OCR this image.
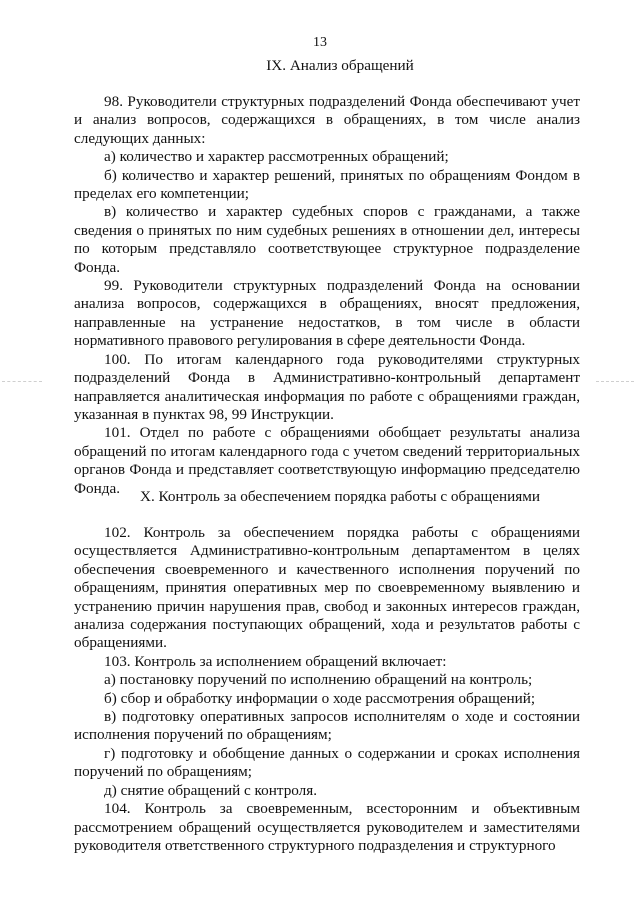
13
IX. Анализ обращений

98. Руководители структурных подразделений Фонда обеспечивают учет и анализ вопросов, содержащихся в обращениях, в том числе анализ следующих данных:

а) количество и характер рассмотренных обращений;

б) количество и характер решений, принятых по обращениям Фондом в пределах его компетенции;

в) количество и характер судебных споров с гражданами, а также сведения о принятых по ним судебных решениях в отношении дел, интересы по которым представляло соответствующее структурное подразделение Фонда.

99. Руководители структурных подразделений Фонда на основании анализа вопросов, содержащихся в обращениях, вносят предложения, направленные на устранение недостатков, в том числе в области нормативного правового регулирования в сфере деятельности Фонда.

100. По итогам календарного года руководителями структурных подразделений Фонда в Административно-контрольный департамент направляется аналитическая информация по работе с обращениями граждан, указанная в пунктах 98, 99 Инструкции.

101. Отдел по работе с обращениями обобщает результаты анализа обращений по итогам календарного года с учетом сведений территориальных органов Фонда и представляет соответствующую информацию председателю Фонда.	X. Контроль за обеспечением порядка работы с обращениями

102. Контроль за обеспечением порядка работы с обращениями осуществляется Административно-контрольным департаментом в целях обеспечения своевременного и качественного исполнения поручений по обращениям, принятия оперативных мер по своевременному выявлению и устранению причин нарушения прав, свобод и законных интересов граждан, анализа содержания поступающих обращений, хода и результатов работы с обращениями.

103. Контроль за исполнением обращений включает:

а) постановку поручений по исполнению обращений на контроль;

б) сбор и обработку информации о ходе рассмотрения обращений;

в) подготовку оперативных запросов исполнителям о ходе и состоянии исполнения поручений по обращениям;

г) подготовку и обобщение данных о содержании и сроках исполнения поручений по обращениям;

д) снятие обращений с контроля.

104. Контроль за своевременным, всесторонним и объективным рассмотрением обращений осуществляется руководителем и заместителями руководителя ответственного структурного подразделения и структурного
